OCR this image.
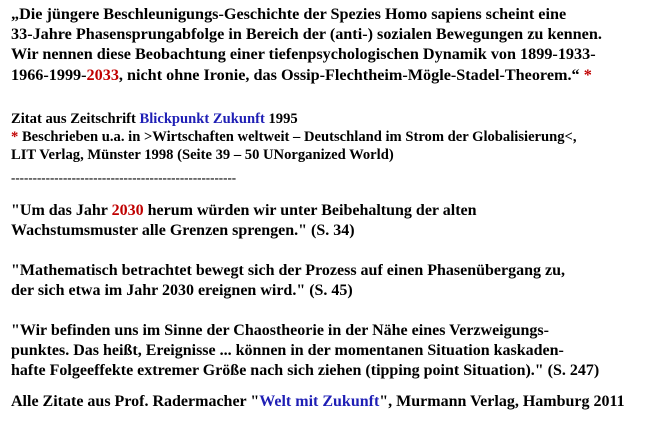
„Die jüngere Beschleunigungs-Geschichte der Spezies Homo sapiens scheint eine
33-Jahre Phasensprungabfolge in Bereich der (anti-) sozialen Bewegungen zu kennen.
Wir nennen diese Beobachtung einer tiefenpsychologischen Dynamik von 1899-1933-
1966-1999-2033, nicht ohne Ironie, das Ossip-Flechtheim-Mögle-Stadel-Theorem.“ *

Zitat aus Zeitschrift Blickpunkt Zukunft 1995
* Beschrieben u.a. in >Wirtschaften weltweit – Deutschland im Strom der Globalisierung<,
LIT Verlag, Münster 1998 (Seite 39 – 50 UNorganized World)

----------------------------------------------------

"Um das Jahr 2030 herum würden wir unter Beibehaltung der alten
Wachstumsmuster alle Grenzen sprengen." (S. 34)

"Mathematisch betrachtet bewegt sich der Prozess auf einen Phasenübergang zu,
der sich etwa im Jahr 2030 ereignen wird." (S. 45)

"Wir befinden uns im Sinne der Chaostheorie in der Nähe eines Verzweigungs-
punktes. Das heißt, Ereignisse ... können in der momentanen Situation kaskaden-
hafte Folgeeffekte extremer Größe nach sich ziehen (tipping point Situation)." (S. 247)

Alle Zitate aus Prof. Radermacher "Welt mit Zukunft", Murmann Verlag, Hamburg 2011
